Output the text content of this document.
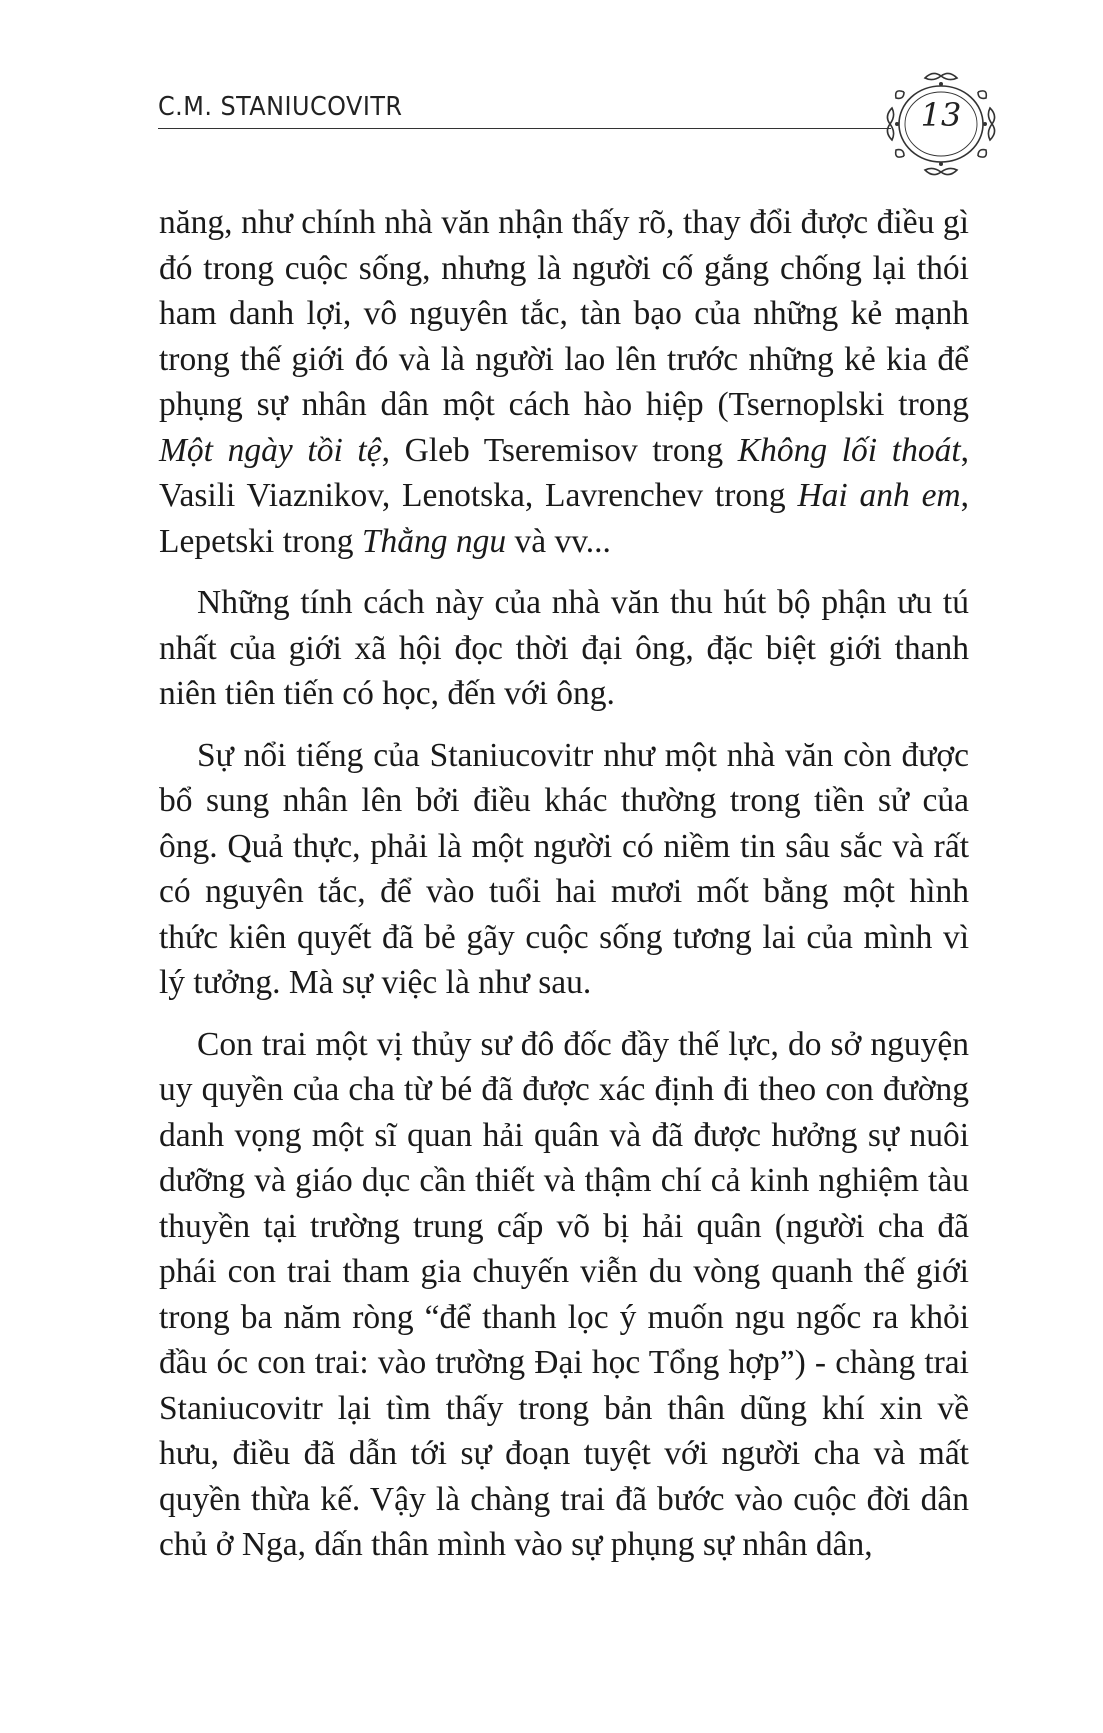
C.M. STANIUCOVITR	13

năng, như chính nhà văn nhận thấy rõ, thay đổi được điều gì đó trong cuộc sống, nhưng là người cố gắng chống lại thói ham danh lợi, vô nguyên tắc, tàn bạo của những kẻ mạnh trong thế giới đó và là người lao lên trước những kẻ kia để phụng sự nhân dân một cách hào hiệp (Tsernoplski trong Một ngày tồi tệ, Gleb Tseremisov trong Không lối thoát, Vasili Viaznikov, Lenotska, Lavrenchev trong Hai anh em, Lepetski trong Thằng ngu và vv...

Những tính cách này của nhà văn thu hút bộ phận ưu tú nhất của giới xã hội đọc thời đại ông, đặc biệt giới thanh niên tiên tiến có học, đến với ông.

Sự nổi tiếng của Staniucovitr như một nhà văn còn được bổ sung nhân lên bởi điều khác thường trong tiền sử của ông. Quả thực, phải là một người có niềm tin sâu sắc và rất có nguyên tắc, để vào tuổi hai mươi mốt bằng một hình thức kiên quyết đã bẻ gãy cuộc sống tương lai của mình vì lý tưởng. Mà sự việc là như sau.

Con trai một vị thủy sư đô đốc đầy thế lực, do sở nguyện uy quyền của cha từ bé đã được xác định đi theo con đường danh vọng một sĩ quan hải quân và đã được hưởng sự nuôi dưỡng và giáo dục cần thiết và thậm chí cả kinh nghiệm tàu thuyền tại trường trung cấp võ bị hải quân (người cha đã phái con trai tham gia chuyến viễn du vòng quanh thế giới trong ba năm ròng “để thanh lọc ý muốn ngu ngốc ra khỏi đầu óc con trai: vào trường Đại học Tổng hợp”) - chàng trai Staniucovitr lại tìm thấy trong bản thân dũng khí xin về hưu, điều đã dẫn tới sự đoạn tuyệt với người cha và mất quyền thừa kế. Vậy là chàng trai đã bước vào cuộc đời dân chủ ở Nga, dấn thân mình vào sự phụng sự nhân dân,
